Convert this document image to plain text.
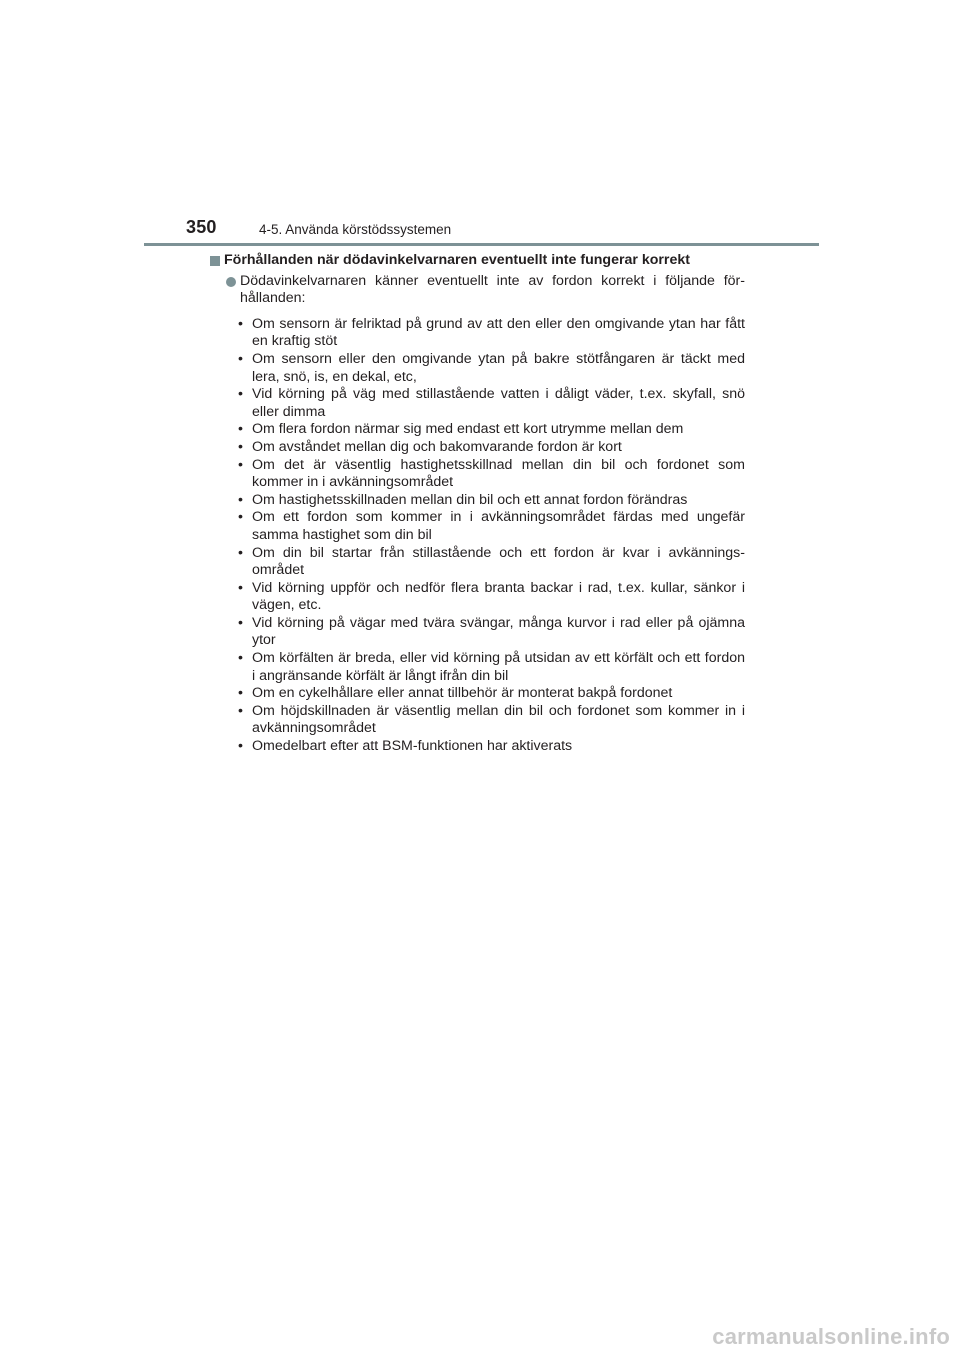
350	4-5. Använda körstödssystemen
Förhållanden när dödavinkelvarnaren eventuellt inte fungerar korrekt
Dödavinkelvarnaren känner eventuellt inte av fordon korrekt i följande för-hållanden:
• Om sensorn är felriktad på grund av att den eller den omgivande ytan har fått en kraftig stöt
• Om sensorn eller den omgivande ytan på bakre stötfångaren är täckt med lera, snö, is, en dekal, etc,
• Vid körning på väg med stillastående vatten i dåligt väder, t.ex. skyfall, snö eller dimma
• Om flera fordon närmar sig med endast ett kort utrymme mellan dem
• Om avståndet mellan dig och bakomvarande fordon är kort
• Om det är väsentlig hastighetsskillnad mellan din bil och fordonet som kommer in i avkänningsområdet
• Om hastighetsskillnaden mellan din bil och ett annat fordon förändras
• Om ett fordon som kommer in i avkänningsområdet färdas med ungefär samma hastighet som din bil
• Om din bil startar från stillastående och ett fordon är kvar i avkännings-området
• Vid körning uppför och nedför flera branta backar i rad, t.ex. kullar, sänkor i vägen, etc.
• Vid körning på vägar med tvära svängar, många kurvor i rad eller på ojämna ytor
• Om körfälten är breda, eller vid körning på utsidan av ett körfält och ett fordon i angränsande körfält är långt ifrån din bil
• Om en cykelhållare eller annat tillbehör är monterat bakpå fordonet
• Om höjdskillnaden är väsentlig mellan din bil och fordonet som kommer in i avkänningsområdet
• Omedelbart efter att BSM-funktionen har aktiverats
carmanualsonline.info
